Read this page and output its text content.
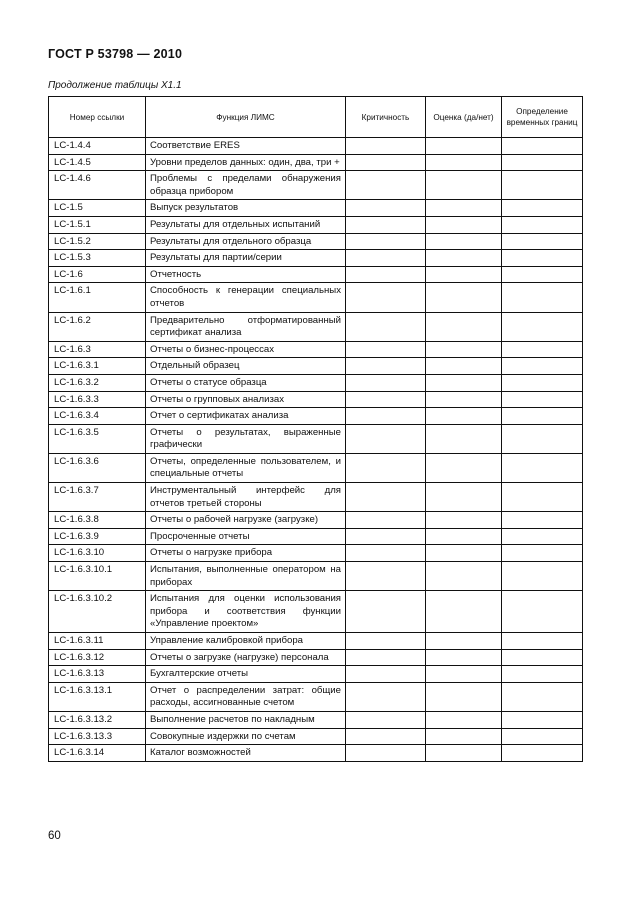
ГОСТ Р 53798 — 2010
Продолжение таблицы X1.1
Номер ссылки	Функция ЛИМС	Критичность	Оценка (да/нет)	Определение временных границ
LC-1.4.4	Соответствие ERES			
LC-1.4.5	Уровни пределов данных: один, два, три +			
LC-1.4.6	Проблемы с пределами обнаружения образца прибором			
LC-1.5	Выпуск результатов			
LC-1.5.1	Результаты для отдельных испытаний			
LC-1.5.2	Результаты для отдельного образца			
LC-1.5.3	Результаты для партии/серии			
LC-1.6	Отчетность			
LC-1.6.1	Способность к генерации специальных отчетов			
LC-1.6.2	Предварительно отформатированный сертификат анализа			
LC-1.6.3	Отчеты о бизнес-процессах			
LC-1.6.3.1	Отдельный образец			
LC-1.6.3.2	Отчеты о статусе образца			
LC-1.6.3.3	Отчеты о групповых анализах			
LC-1.6.3.4	Отчет о сертификатах анализа			
LC-1.6.3.5	Отчеты о результатах, выраженные графически			
LC-1.6.3.6	Отчеты, определенные пользователем, и специальные отчеты			
LC-1.6.3.7	Инструментальный интерфейс для отчетов третьей стороны			
LC-1.6.3.8	Отчеты о рабочей нагрузке (загрузке)			
LC-1.6.3.9	Просроченные отчеты			
LC-1.6.3.10	Отчеты о нагрузке прибора			
LC-1.6.3.10.1	Испытания, выполненные оператором на приборах			
LC-1.6.3.10.2	Испытания для оценки использования прибора и соответствия функции «Управление проектом»			
LC-1.6.3.11	Управление калибровкой прибора			
LC-1.6.3.12	Отчеты о загрузке (нагрузке) персонала			
LC-1.6.3.13	Бухгалтерские отчеты			
LC-1.6.3.13.1	Отчет о распределении затрат: общие расходы, ассигнованные счетом			
LC-1.6.3.13.2	Выполнение расчетов по накладным			
LC-1.6.3.13.3	Совокупные издержки по счетам			
LC-1.6.3.14	Каталог возможностей			
60
